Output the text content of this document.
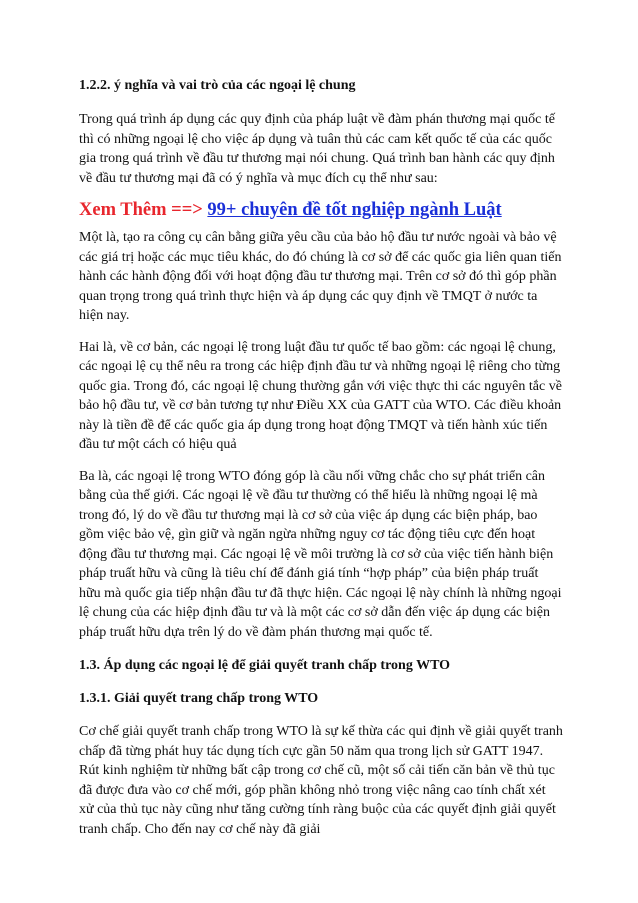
1.2.2. ý nghĩa và vai trò của các ngoại lệ chung

Trong quá trình áp dụng các quy định của pháp luật về đàm phán thương mại quốc tế thì có những ngoại lệ cho việc áp dụng và tuân thủ các cam kết quốc tế của các quốc gia trong quá trình về đầu tư thương mại nói chung. Quá trình ban hành các quy định về đầu tư thương mại đã có ý nghĩa và mục đích cụ thể như sau:

Xem Thêm ==> 99+ chuyên đề tốt nghiệp ngành Luật

Một là, tạo ra công cụ cân bằng giữa yêu cầu của bảo hộ đầu tư nước ngoài và bảo vệ các giá trị hoặc các mục tiêu khác, do đó chúng là cơ sở để các quốc gia liên quan tiến hành các hành động đối với hoạt động đầu tư thương mại. Trên cơ sở đó thì góp phần quan trọng trong quá trình thực hiện và áp dụng các quy định về TMQT ở nước ta hiện nay.

Hai là, về cơ bản, các ngoại lệ trong luật đầu tư quốc tế bao gồm: các ngoại lệ chung, các ngoại lệ cụ thể nêu ra trong các hiệp định đầu tư và những ngoại lệ riêng cho từng quốc gia. Trong đó, các ngoại lệ chung thường gắn với việc thực thi các nguyên tắc về bảo hộ đầu tư, về cơ bản tương tự như Điều XX của GATT của WTO. Các điều khoản này là tiền đề để các quốc gia áp dụng trong hoạt động TMQT và tiến hành xúc tiến đầu tư một cách có hiệu quả

Ba là, các ngoại lệ trong WTO đóng góp là cầu nối vững chắc cho sự phát triển cân bằng của thế giới. Các ngoại lệ về đầu tư thường có thể hiểu là những ngoại lệ mà trong đó, lý do về đầu tư thương mại là cơ sở của việc áp dụng các biện pháp, bao gồm việc bảo vệ, gìn giữ và ngăn ngừa những nguy cơ tác động tiêu cực đến hoạt động đầu tư thương mại. Các ngoại lệ về môi trường là cơ sở của việc tiến hành biện pháp truất hữu và cũng là tiêu chí để đánh giá tính “hợp pháp” của biện pháp truất hữu mà quốc gia tiếp nhận đầu tư đã thực hiện. Các ngoại lệ này chính là những ngoại lệ chung của các hiệp định đầu tư và là một các cơ sở dẫn đến việc áp dụng các biện pháp truất hữu dựa trên lý do về đàm phán thương mại quốc tế.

1.3. Áp dụng các ngoại lệ để giải quyết tranh chấp trong WTO

1.3.1. Giải quyết trang chấp trong WTO

Cơ chế giải quyết tranh chấp trong WTO là sự kế thừa các qui định về giải quyết tranh chấp đã từng phát huy tác dụng tích cực gần 50 năm qua trong lịch sử GATT 1947. Rút kinh nghiệm từ những bất cập trong cơ chế cũ, một số cải tiến căn bản về thủ tục đã được đưa vào cơ chế mới, góp phần không nhỏ trong việc nâng cao tính chất xét xử của thủ tục này cũng như tăng cường tính ràng buộc của các quyết định giải quyết tranh chấp. Cho đến nay cơ chế này đã giải
